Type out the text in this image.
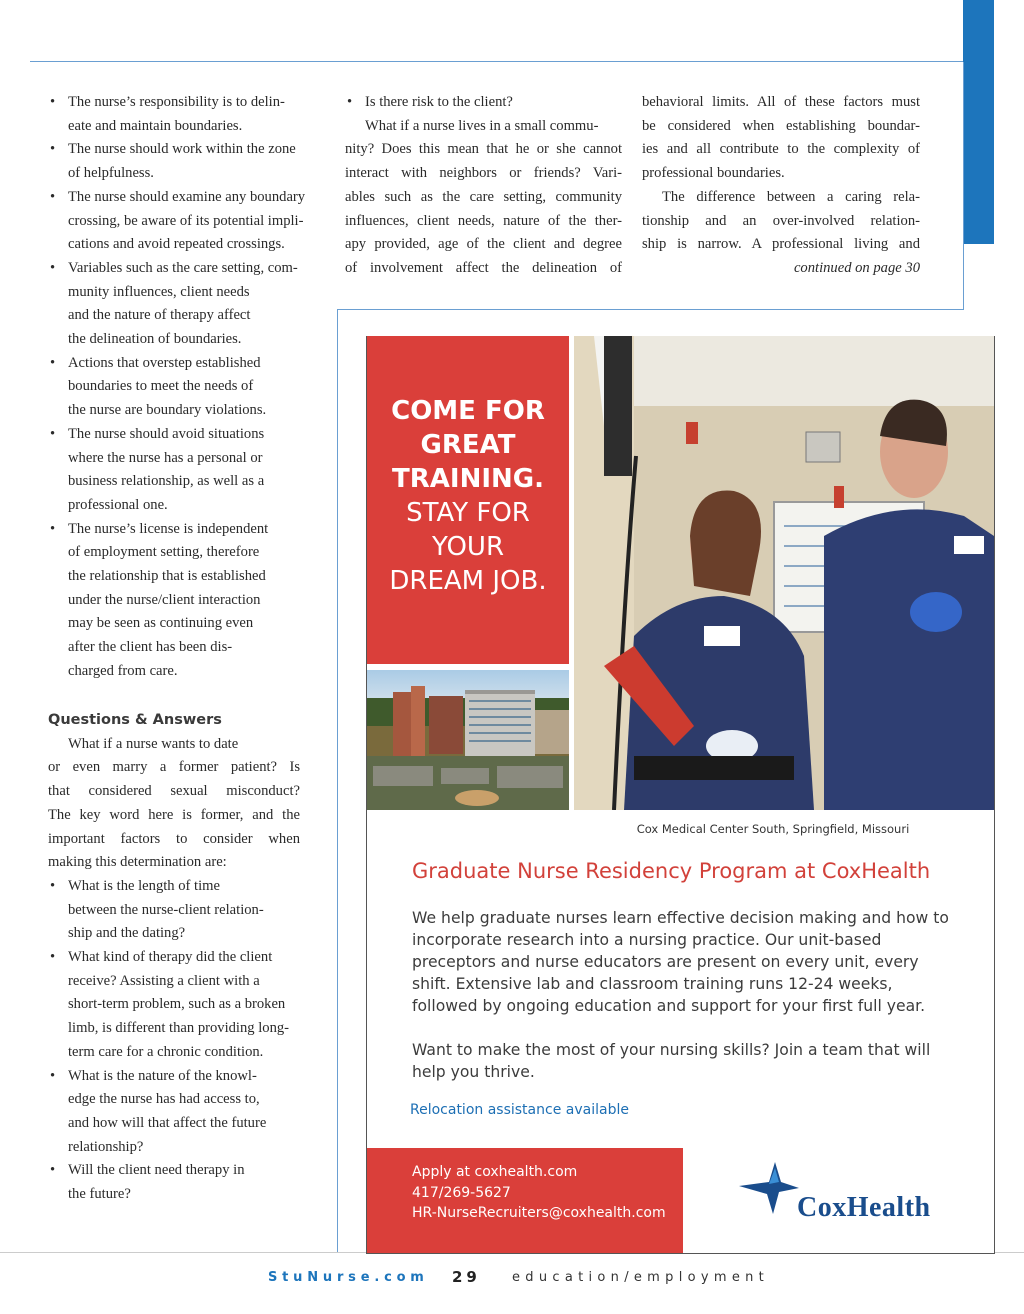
• The nurse’s responsibility is to delin-
eate and maintain boundaries.
• The nurse should work within the zone
of helpfulness.
• The nurse should examine any boundary
crossing, be aware of its potential impli-
cations and avoid repeated crossings.
• Variables such as the care setting, com-
munity influences, client needs
and the nature of therapy affect
the delineation of boundaries.
• Actions that overstep established
boundaries to meet the needs of
the nurse are boundary violations.
• The nurse should avoid situations
where the nurse has a personal or
business relationship, as well as a
professional one.
• The nurse’s license is independent
of employment setting, therefore
the relationship that is established
under the nurse/client interaction
may be seen as continuing even
after the client has been dis-
charged from care.
Questions & Answers

What if a nurse wants to date
or even marry a former patient? Is
that considered sexual misconduct?
The key word here is former, and the
important factors to consider when
making this determination are:

• What is the length of time
between the nurse-client relation-
ship and the dating?
• What kind of therapy did the client
receive? Assisting a client with a
short-term problem, such as a broken
limb, is different than providing long-
term care for a chronic condition.
• What is the nature of the knowl-
edge the nurse has had access to,
and how will that affect the future
relationship?
• Will the client need therapy in
the future?
• Is there risk to the client?

What if a nurse lives in a small commu-
nity? Does this mean that he or she cannot
interact with neighbors or friends? Vari-
ables such as the care setting, community
influences, client needs, nature of the ther-
apy provided, age of the client and degree
of involvement affect the delineation of

behavioral limits. All of these factors must
be considered when establishing boundar-
ies and all contribute to the complexity of
professional boundaries.

The difference between a caring rela-
tionship and an over-involved relation-
ship is narrow. A professional living and

continued on page 30
COME FOR
GREAT
TRAINING.
STAY FOR
YOUR
DREAM JOB.
Cox Medical Center South, Springfield, Missouri
Graduate Nurse Residency Program at CoxHealth

We help graduate nurses learn effective decision making and how to incorporate research into a nursing practice. Our unit-based preceptors and nurse educators are present on every unit, every shift. Extensive lab and classroom training runs 12-24 weeks, followed by ongoing education and support for your first full year.

Want to make the most of your nursing skills? Join a team that will help you thrive.

Relocation assistance available
Apply at coxhealth.com
417/269-5627
HR-NurseRecruiters@coxhealth.com	CoxHealth
StuNurse.com 29 education/employment
